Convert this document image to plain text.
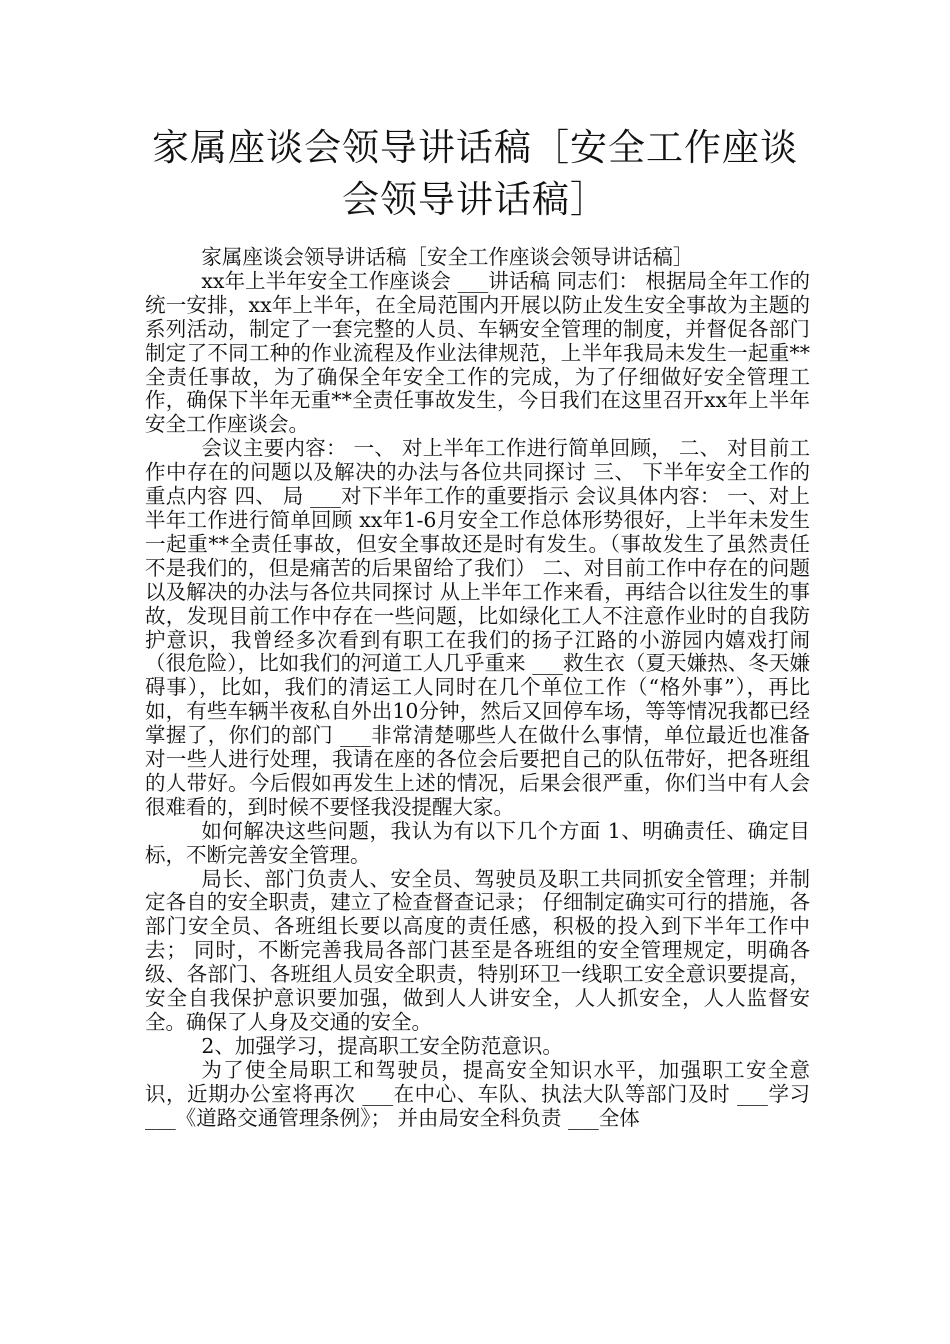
家属座谈会领导讲话稿［安全工作座谈会领导讲话稿］

家属座谈会领导讲话稿［安全工作座谈会领导讲话稿］

xx年上半年安全工作座谈会 ___讲话稿 同志们： 根据局全年工作的统一安排，xx年上半年，在全局范围内开展以防止发生安全事故为主题的系列活动，制定了一套完整的人员、车辆安全管理的制度，并督促各部门制定了不同工种的作业流程及作业法律规范，上半年我局未发生一起重**全责任事故，为了确保全年安全工作的完成，为了仔细做好安全管理工作，确保下半年无重**全责任事故发生，今日我们在这里召开xx年上半年安全工作座谈会。

会议主要内容： 一、 对上半年工作进行简单回顾， 二、 对目前工作中存在的问题以及解决的办法与各位共同探讨 三、 下半年安全工作的重点内容 四、 局 ___对下半年工作的重要指示 会议具体内容： 一、对上半年工作进行简单回顾 xx年1-6月安全工作总体形势很好，上半年未发生一起重**全责任事故，但安全事故还是时有发生。（事故发生了虽然责任不是我们的，但是痛苦的后果留给了我们） 二、对目前工作中存在的问题以及解决的办法与各位共同探讨 从上半年工作来看，再结合以往发生的事故，发现目前工作中存在一些问题，比如绿化工人不注意作业时的自我防护意识，我曾经多次看到有职工在我们的扬子江路的小游园内嬉戏打闹（很危险），比如我们的河道工人几乎重来 ___救生衣（夏天嫌热、冬天嫌碍事），比如，我们的清运工人同时在几个单位工作（“格外事”），再比如，有些车辆半夜私自外出10分钟，然后又回停车场，等等情况我都已经掌握了，你们的部门 ___非常清楚哪些人在做什么事情，单位最近也准备对一些人进行处理，我请在座的各位会后要把自己的队伍带好，把各班组的人带好。今后假如再发生上述的情况，后果会很严重，你们当中有人会很难看的，到时候不要怪我没提醒大家。

如何解决这些问题，我认为有以下几个方面 1、明确责任、确定目标，不断完善安全管理。

局长、部门负责人、安全员、驾驶员及职工共同抓安全管理；并制定各自的安全职责，建立了检查督查记录； 仔细制定确实可行的措施，各部门安全员、各班组长要以高度的责任感，积极的投入到下半年工作中去； 同时，不断完善我局各部门甚至是各班组的安全管理规定，明确各级、各部门、各班组人员安全职责，特别环卫一线职工安全意识要提高，安全自我保护意识要加强，做到人人讲安全，人人抓安全，人人监督安全。确保了人身及交通的安全。

2、加强学习，提高职工安全防范意识。

为了使全局职工和驾驶员，提高安全知识水平，加强职工安全意识，近期办公室将再次 ___在中心、车队、执法大队等部门及时 ___学习 ___《道路交通管理条例》； 并由局安全科负责 ___全体
